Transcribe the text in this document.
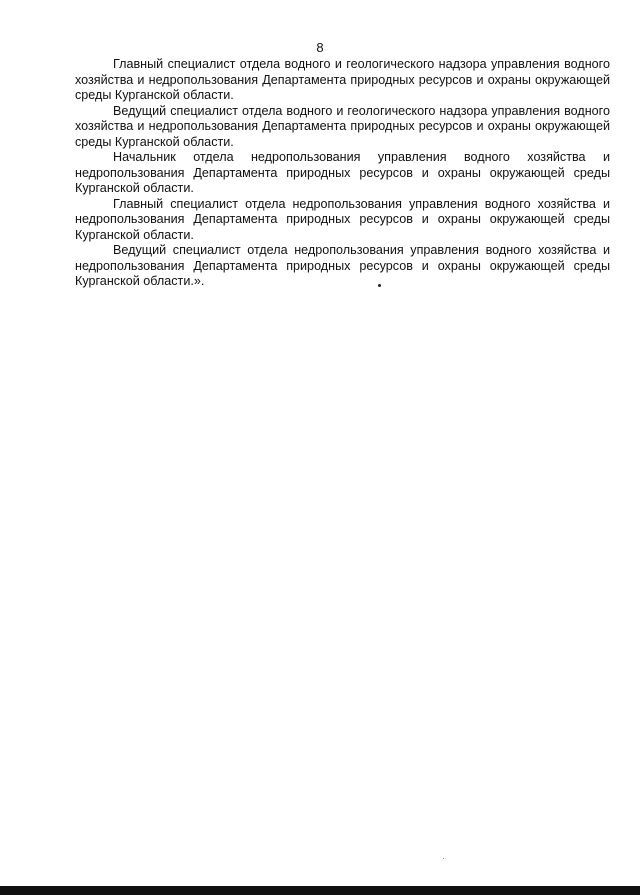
8

Главный специалист отдела водного и геологического надзора управления водного хозяйства и недропользования Департамента природных ресурсов и охраны окружающей среды Курганской области.

Ведущий специалист отдела водного и геологического надзора управления водного хозяйства и недропользования Департамента природных ресурсов и охраны окружающей среды Курганской области.

Начальник отдела недропользования управления водного хозяйства и недропользования Департамента природных ресурсов и охраны окружающей среды Курганской области.

Главный специалист отдела недропользования управления водного хозяйства и недропользования Департамента природных ресурсов и охраны окружающей среды Курганской области.

Ведущий специалист отдела недропользования управления водного хозяйства и недропользования Департамента природных ресурсов и охраны окружающей среды Курганской области.».
